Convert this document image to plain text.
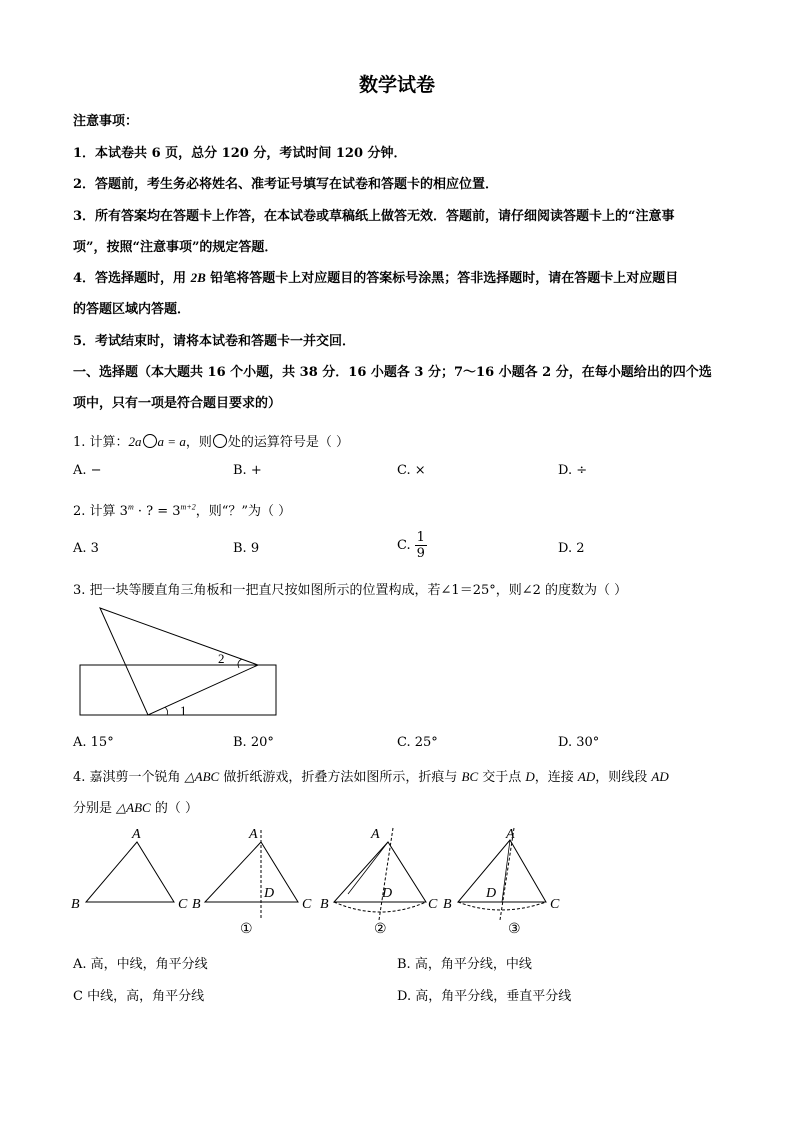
数学试卷
注意事项：
1．本试卷共 6 页，总分 120 分，考试时间 120 分钟．
2．答题前，考生务必将姓名、准考证号填写在试卷和答题卡的相应位置．
3．所有答案均在答题卡上作答，在本试卷或草稿纸上做答无效．答题前，请仔细阅读答题卡上的“注意事
项”，按照“注意事项”的规定答题．
4．答选择题时，用 2B 铅笔将答题卡上对应题目的答案标号涂黑；答非选择题时，请在答题卡上对应题目
的答题区域内答题．
5．考试结束时，请将本试卷和答题卡一并交回．
一、选择题（本大题共 16 个小题，共 38 分．16 小题各 3 分；7～16 小题各 2 分，在每小题给出的四个选
项中，只有一项是符合题目要求的）
1. 计算：2a a = a，则 处的运算符号是（ ）
A. −	B. +	C. ×	D. ÷
2. 计算 $3^m$ · ? = $3^{m+2}$，则“？”为（ ）
A. 3	B. 9	C. $\frac{1}{9}$	D. 2
3. 把一块等腰直角三角板和一把直尺按如图所示的位置构成，若∠1＝25°，则∠2 的度数为（ ）
2
1
A. 15°	B. 20°	C. 25°	D. 30°
4. 嘉淇剪一个锐角 △ABC 做折纸游戏，折叠方法如图所示，折痕与 BC 交于点 D，连接 AD，则线段 AD
分别是 △ABC 的（ ）
A
B	C
A
B	C
D
①
A
B	C
D
②
A
B	C
D
③
A. 高，中线，角平分线	B. 高，角平分线，中线
C 中线，高，角平分线	D. 高，角平分线，垂直平分线
